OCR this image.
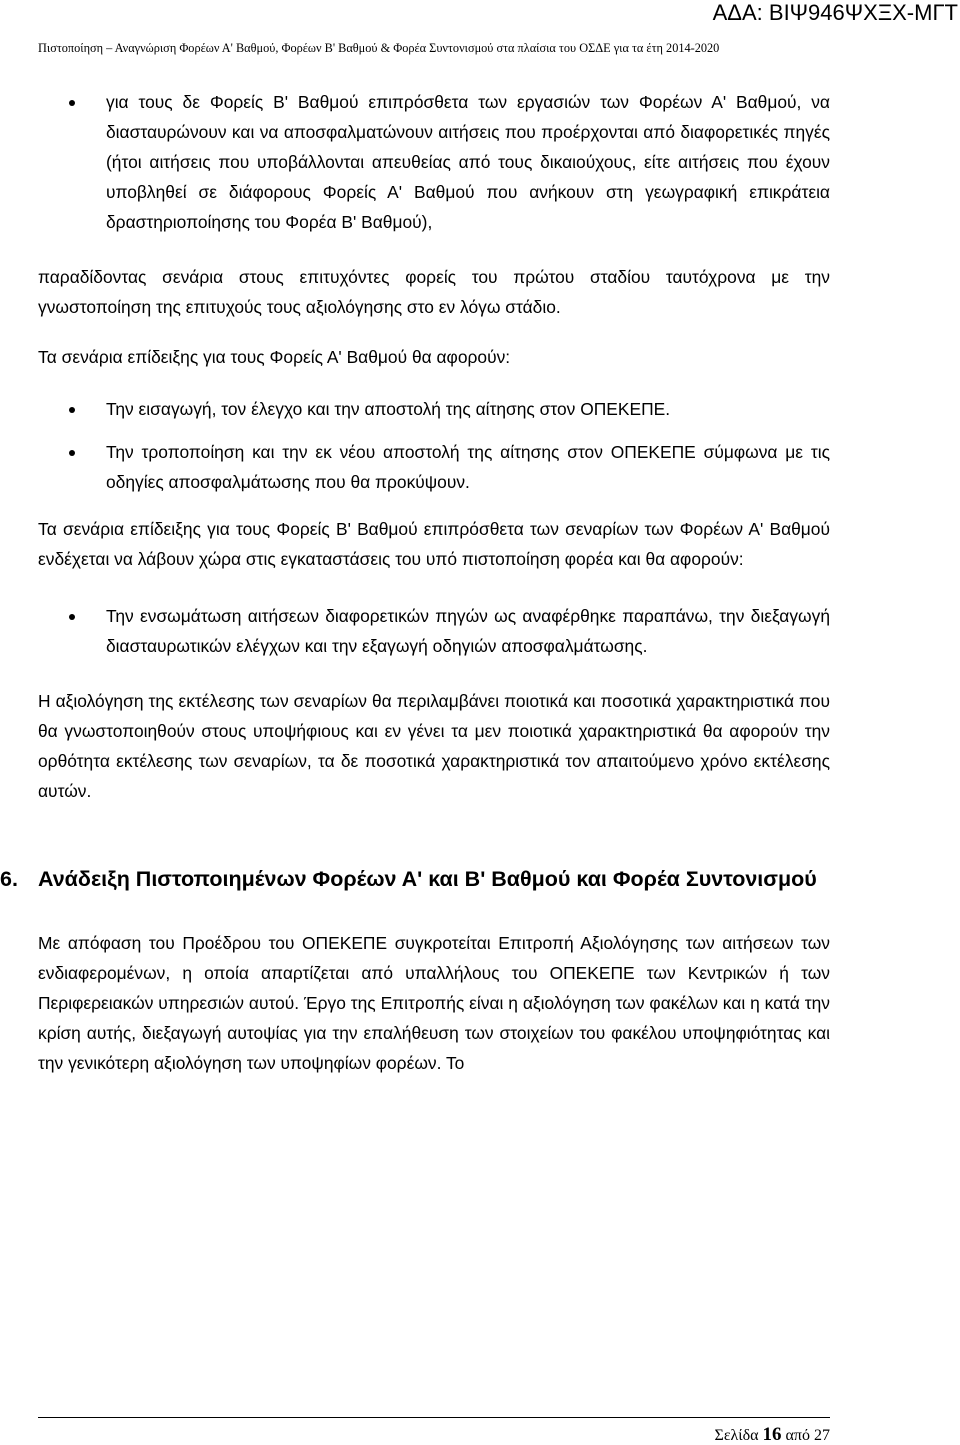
ΑΔΑ: ΒΙΨ946ΨΧΞΧ-ΜΓΤ
Πιστοποίηση – Αναγνώριση Φορέων Α' Βαθμού, Φορέων Β' Βαθμού & Φορέα Συντονισμού στα πλαίσια του ΟΣΔΕ για τα έτη 2014-2020
για τους δε Φορείς Β' Βαθμού επιπρόσθετα των εργασιών των Φορέων Α' Βαθμού, να διασταυρώνουν και να αποσφαλματώνουν αιτήσεις που προέρχονται από διαφορετικές πηγές (ήτοι αιτήσεις που υποβάλλονται απευθείας από τους δικαιούχους, είτε αιτήσεις που έχουν υποβληθεί σε διάφορους Φορείς Α' Βαθμού που ανήκουν στη γεωγραφική επικράτεια δραστηριοποίησης του Φορέα Β' Βαθμού),

παραδίδοντας σενάρια στους επιτυχόντες φορείς του πρώτου σταδίου ταυτόχρονα με την γνωστοποίηση της επιτυχούς τους αξιολόγησης στο εν λόγω στάδιο.

Τα σενάρια επίδειξης για τους Φορείς Α' Βαθμού θα αφορούν:

Την εισαγωγή, τον έλεγχο και την αποστολή της αίτησης στον ΟΠΕΚΕΠΕ.
Την τροποποίηση και την εκ νέου αποστολή της αίτησης στον ΟΠΕΚΕΠΕ σύμφωνα με τις οδηγίες αποσφαλμάτωσης που θα προκύψουν.

Τα σενάρια επίδειξης για τους Φορείς Β' Βαθμού επιπρόσθετα των σεναρίων των Φορέων Α' Βαθμού ενδέχεται να λάβουν χώρα στις εγκαταστάσεις του υπό πιστοποίηση φορέα και θα αφορούν:

Την ενσωμάτωση αιτήσεων διαφορετικών πηγών ως αναφέρθηκε παραπάνω, την διεξαγωγή διασταυρωτικών ελέγχων και την εξαγωγή οδηγιών αποσφαλμάτωσης.

Η αξιολόγηση της εκτέλεσης των σεναρίων θα περιλαμβάνει ποιοτικά και ποσοτικά χαρακτηριστικά που θα γνωστοποιηθούν στους υποψήφιους και εν γένει τα μεν ποιοτικά χαρακτηριστικά θα αφορούν την ορθότητα εκτέλεσης των σεναρίων, τα δε ποσοτικά χαρακτηριστικά τον απαιτούμενο χρόνο εκτέλεσης αυτών.

6. Ανάδειξη Πιστοποιημένων Φορέων Α' και Β' Βαθμού και Φορέα Συντονισμού

Με απόφαση του Προέδρου του ΟΠΕΚΕΠΕ συγκροτείται Επιτροπή Αξιολόγησης των αιτήσεων των ενδιαφερομένων, η οποία απαρτίζεται από υπαλλήλους του ΟΠΕΚΕΠΕ των Κεντρικών ή των Περιφερειακών υπηρεσιών αυτού. Έργο της Επιτροπής είναι η αξιολόγηση των φακέλων και η κατά την κρίση αυτής, διεξαγωγή αυτοψίας για την επαλήθευση των στοιχείων του φακέλου υποψηφιότητας και την γενικότερη αξιολόγηση των υποψηφίων φορέων. Το

Σελίδα 16 από 27
